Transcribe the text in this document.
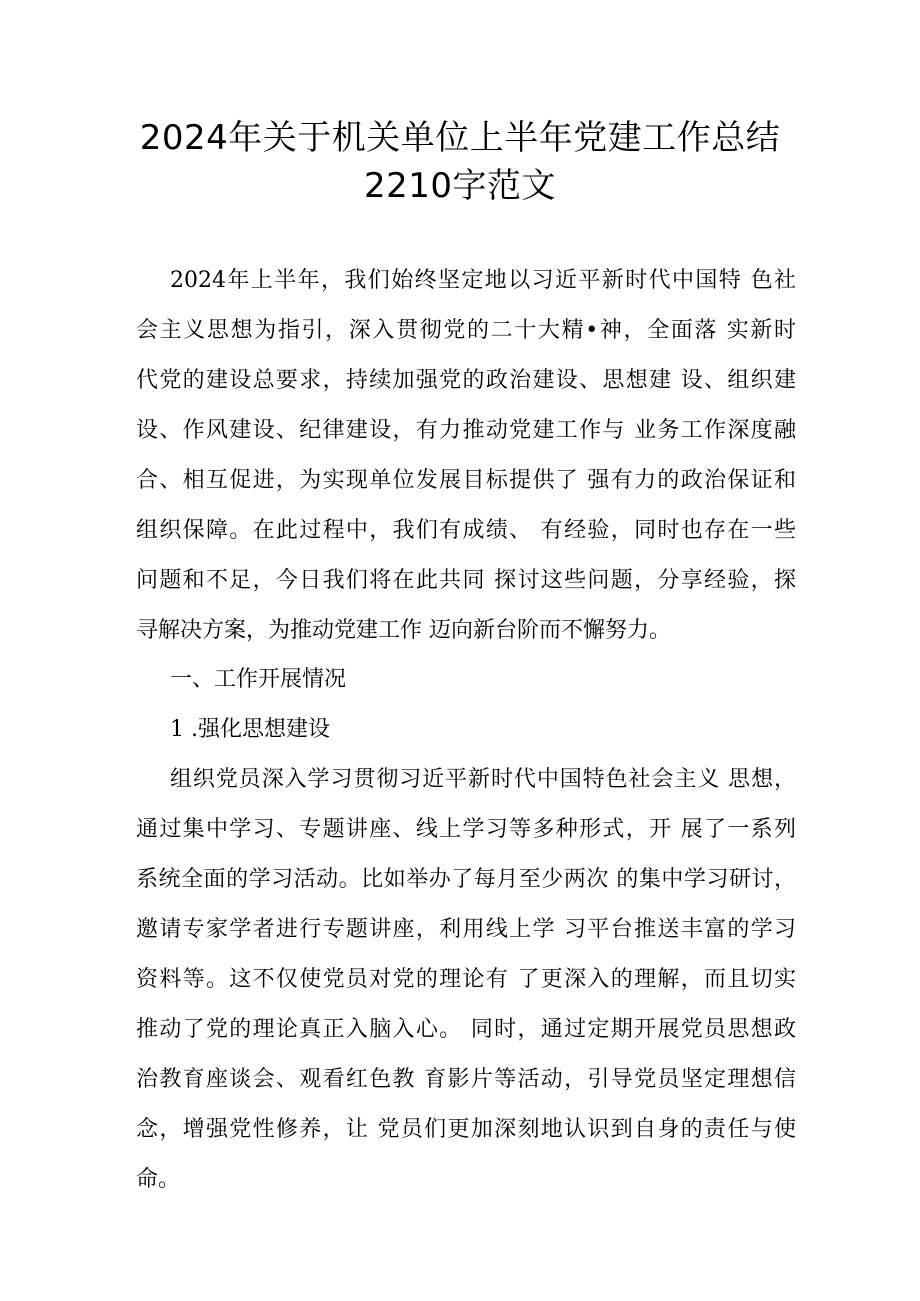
2024年关于机关单位上半年党建工作总结
2210字范文
2024年上半年，我们始终坚定地以习近平新时代中国特 色社
会主义思想为指引，深入贯彻党的二十大精•神，全面落 实新时
代党的建设总要求，持续加强党的政治建设、思想建 设、组织建
设、作风建设、纪律建设，有力推动党建工作与 业务工作深度融
合、相互促进，为实现单位发展目标提供了 强有力的政治保证和
组织保障。在此过程中，我们有成绩、 有经验，同时也存在一些
问题和不足，今日我们将在此共同 探讨这些问题，分享经验，探
寻解决方案，为推动党建工作 迈向新台阶而不懈努力。
一、工作开展情况
1 .强化思想建设
组织党员深入学习贯彻习近平新时代中国特色社会主义 思想，
通过集中学习、专题讲座、线上学习等多种形式，开 展了一系列
系统全面的学习活动。比如举办了每月至少两次 的集中学习研讨，
邀请专家学者进行专题讲座，利用线上学 习平台推送丰富的学习
资料等。这不仅使党员对党的理论有 了更深入的理解，而且切实
推动了党的理论真正入脑入心。 同时，通过定期开展党员思想政
治教育座谈会、观看红色教 育影片等活动，引导党员坚定理想信
念，增强党性修养，让 党员们更加深刻地认识到自身的责任与使
命。
